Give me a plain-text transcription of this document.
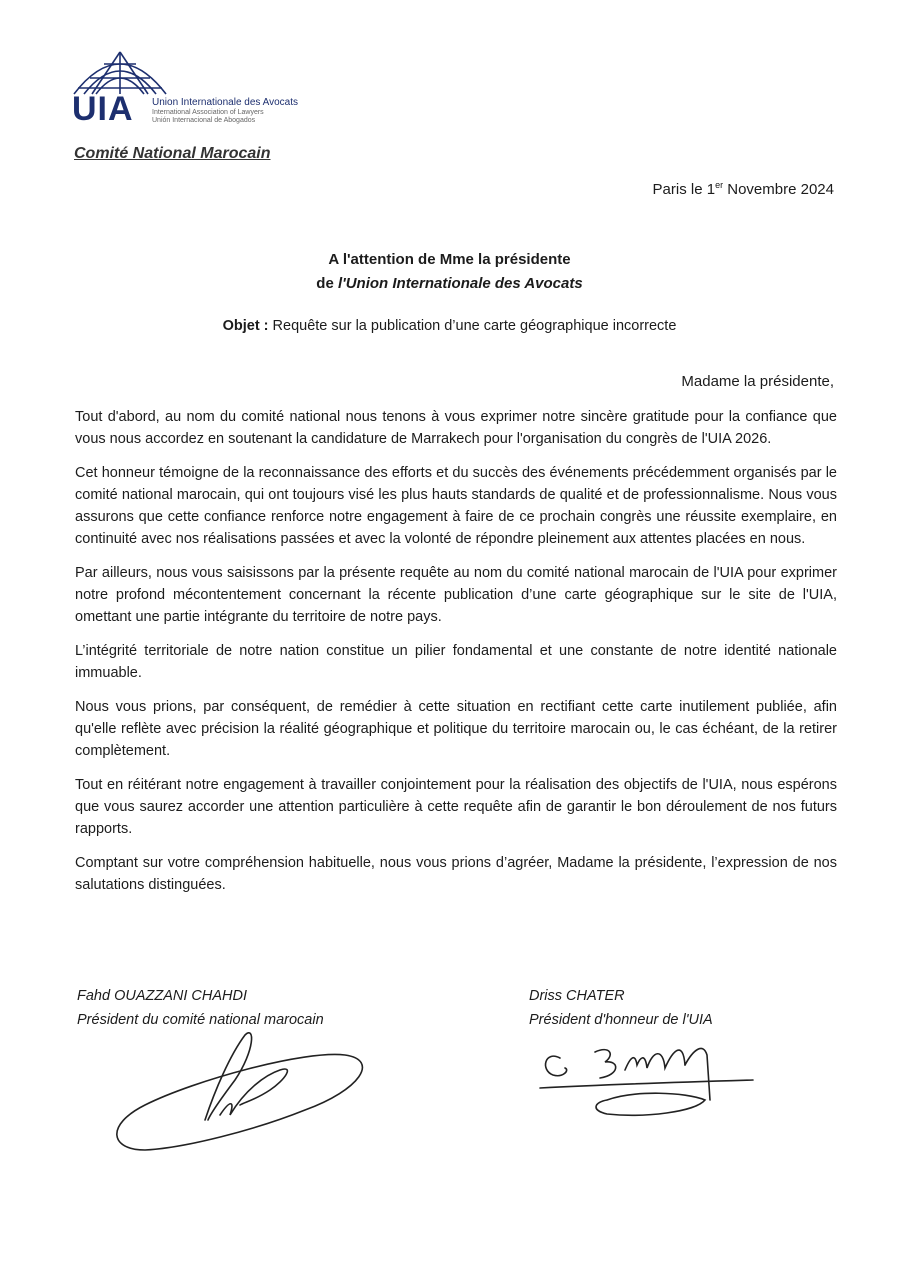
UIA Union Internationale des Avocats
International Association of Lawyers
Unión Internacional de Abogados
Comité National Marocain
Paris le 1er Novembre 2024
A l'attention de Mme la présidente
de l'Union Internationale des Avocats
Objet : Requête sur la publication d’une carte géographique incorrecte
Madame la présidente,

Tout d'abord, au nom du comité national nous tenons à vous exprimer notre sincère gratitude pour la confiance que vous nous accordez en soutenant la candidature de Marrakech pour l'organisation du congrès de l'UIA 2026.

Cet honneur témoigne de la reconnaissance des efforts et du succès des événements précédemment organisés par le comité national marocain, qui ont toujours visé les plus hauts standards de qualité et de professionnalisme. Nous vous assurons que cette confiance renforce notre engagement à faire de ce prochain congrès une réussite exemplaire, en continuité avec nos réalisations passées et avec la volonté de répondre pleinement aux attentes placées en nous.

Par ailleurs, nous vous saisissons par la présente requête au nom du comité national marocain de l'UIA pour exprimer notre profond mécontentement concernant la récente publication d’une carte géographique sur le site de l'UIA, omettant une partie intégrante du territoire de notre pays.

L’intégrité territoriale de notre nation constitue un pilier fondamental et une constante de notre identité nationale immuable.

Nous vous prions, par conséquent, de remédier à cette situation en rectifiant cette carte inutilement publiée, afin qu'elle reflète avec précision la réalité géographique et politique du territoire marocain ou, le cas échéant, de la retirer complètement.

Tout en réitérant notre engagement à travailler conjointement pour la réalisation des objectifs de l'UIA, nous espérons que vous saurez accorder une attention particulière à cette requête afin de garantir le bon déroulement de nos futurs rapports.

Comptant sur votre compréhension habituelle, nous vous prions d’agréer, Madame la présidente, l’expression de nos salutations distinguées.

Fahd OUAZZANI CHAHDI
Président du comité national marocain
Driss CHATER
Président d'honneur de l'UIA
